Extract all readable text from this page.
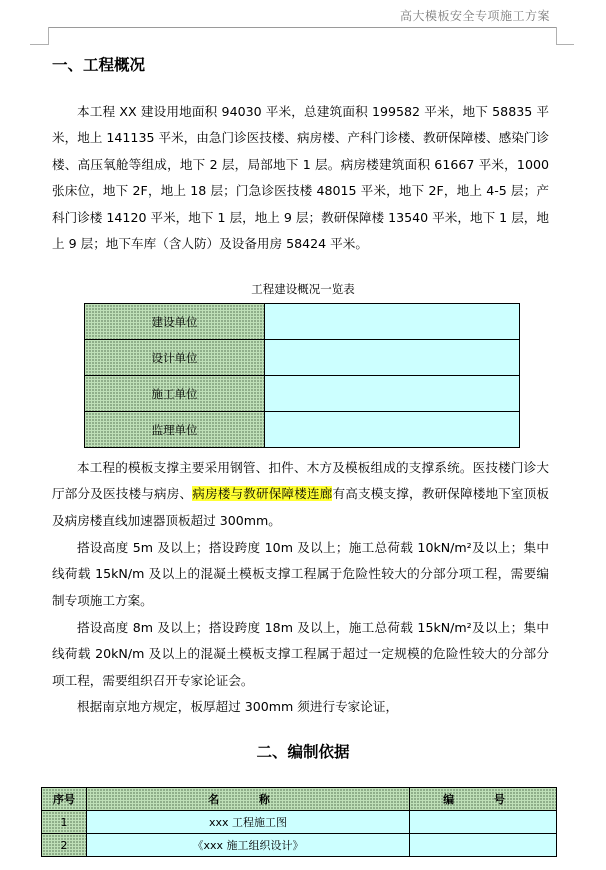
高大模板安全专项施工方案
一、工程概况
本工程 XX 建设用地面积 94030 平米，总建筑面积 199582 平米，地下 58835 平米，地上 141135 平米，由急门诊医技楼、病房楼、产科门诊楼、教研保障楼、感染门诊楼、高压氧舱等组成，地下 2 层，局部地下 1 层。病房楼建筑面积 61667 平米，1000 张床位，地下 2F，地上 18 层；门急诊医技楼 48015 平米，地下 2F，地上 4-5 层；产科门诊楼 14120 平米，地下 1 层，地上 9 层；教研保障楼 13540 平米，地下 1 层，地上 9 层；地下车库（含人防）及设备用房 58424 平米。
工程建设概况一览表
建设单位	
设计单位	
施工单位	
监理单位	
本工程的模板支撑主要采用钢管、扣件、木方及模板组成的支撑系统。医技楼门诊大厅部分及医技楼与病房、病房楼与教研保障楼连廊有高支模支撑，教研保障楼地下室顶板及病房楼直线加速器顶板超过 300mm。
搭设高度 5m 及以上；搭设跨度 10m 及以上；施工总荷载 10kN/m²及以上；集中线荷载 15kN/m 及以上的混凝土模板支撑工程属于危险性较大的分部分项工程，需要编制专项施工方案。
搭设高度 8m 及以上；搭设跨度 18m 及以上，施工总荷载 15kN/m²及以上；集中线荷载 20kN/m 及以上的混凝土模板支撑工程属于超过一定规模的危险性较大的分部分项工程，需要组织召开专家论证会。
根据南京地方规定，板厚超过 300mm 须进行专家论证，
二、编制依据
序号	名 称	编 号
1	xxx 工程施工图	
2	《xxx 施工组织设计》	
